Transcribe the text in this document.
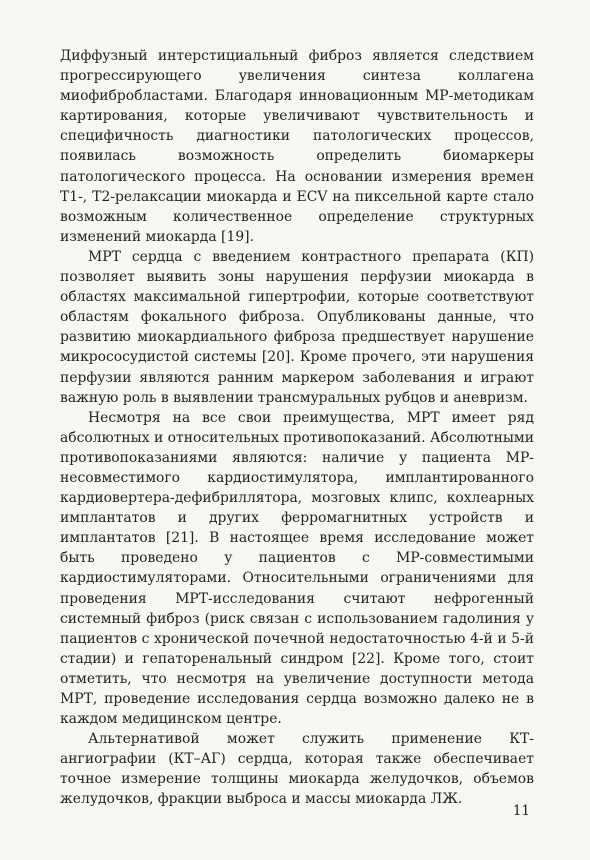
Диффузный интерстициальный фиброз является следствием прогрессирующего увеличения синтеза коллагена миофибробластами. Благодаря инновационным МР-методикам картирования, которые увеличивают чувствительность и специфичность диагностики патологических процессов, появилась возможность определить биомаркеры патологического процесса. На основании измерения времен T1-, T2-релаксации миокарда и ECV на пиксельной карте стало возможным количественное определение структурных изменений миокарда [19].

МРТ сердца с введением контрастного препарата (КП) позволяет выявить зоны нарушения перфузии миокарда в областях максимальной гипертрофии, которые соответствуют областям фокального фиброза. Опубликованы данные, что развитию миокардиального фиброза предшествует нарушение микрососудистой системы [20]. Кроме прочего, эти нарушения перфузии являются ранним маркером заболевания и играют важную роль в выявлении трансмуральных рубцов и аневризм.

Несмотря на все свои преимущества, МРТ имеет ряд абсолютных и относительных противопоказаний. Абсолютными противопоказаниями являются: наличие у пациента МР-несовместимого кардиостимулятора, имплантированного кардиовертера-дефибриллятора, мозговых клипс, кохлеарных имплантатов и других ферромагнитных устройств и имплантатов [21]. В настоящее время исследование может быть проведено у пациентов с МР-совместимыми кардиостимуляторами. Относительными ограничениями для проведения МРТ-исследования считают нефрогенный системный фиброз (риск связан с использованием гадолиния у пациентов с хронической почечной недостаточностью 4-й и 5-й стадии) и гепаторенальный синдром [22]. Кроме того, стоит отметить, что несмотря на увеличение доступности метода МРТ, проведение исследования сердца возможно далеко не в каждом медицинском центре.

Альтернативой может служить применение КТ-ангиографии (КТ–АГ) сердца, которая также обеспечивает точное измерение толщины миокарда желудочков, объемов желудочков, фракции выброса и массы миокарда ЛЖ.

11
